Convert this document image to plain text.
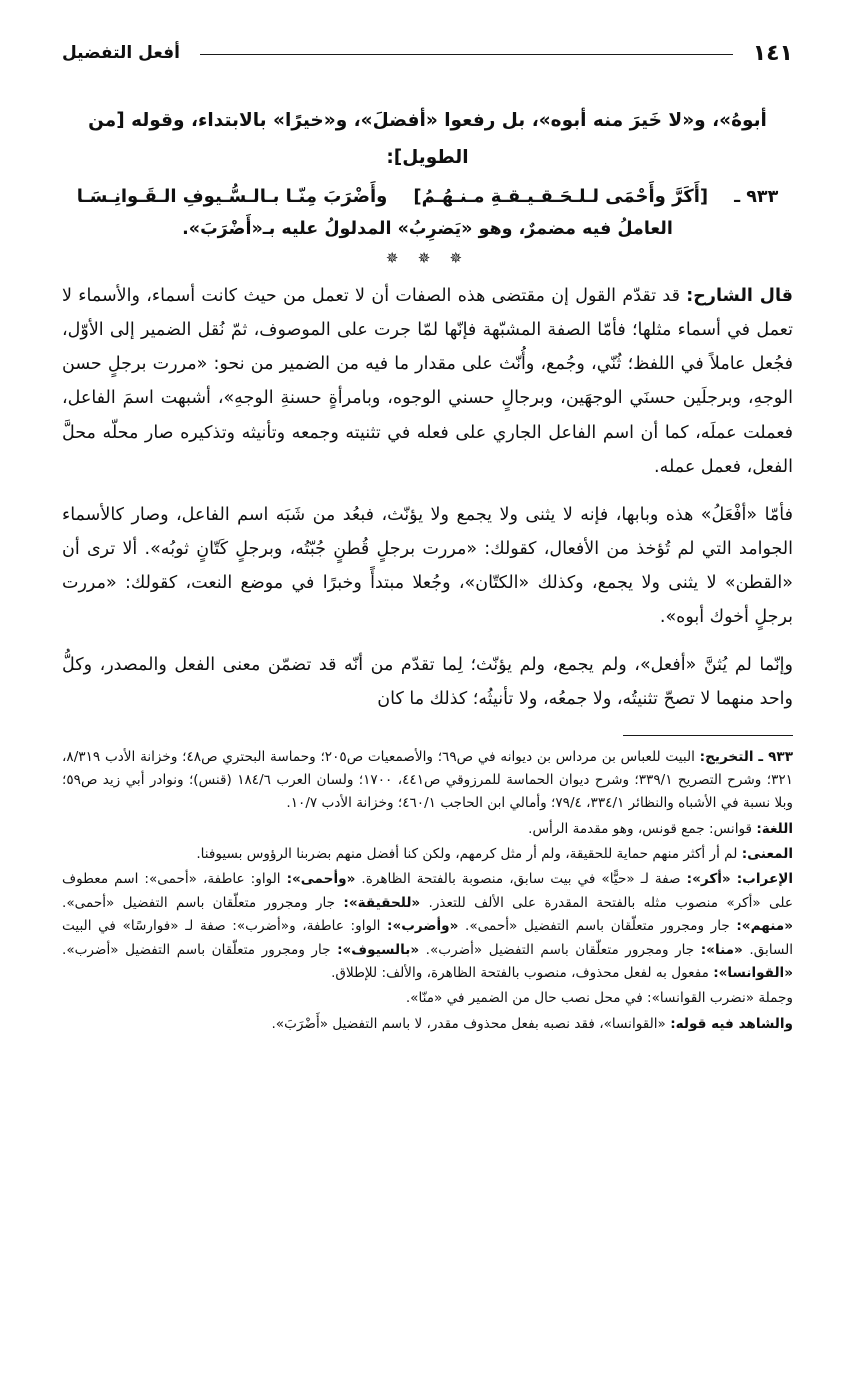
أفعل التفضيل	١٤١
أبوهُ»، و«لا خَيرَ منه أبوه»، بل رفعوا «أفضلَ»، و«خيرًا» بالابتداء، وقوله [من الطويل]:
٩٣٣ ـ
[أَكَرَّ وأَحْمَى لـلـحَـقـيـقـةِ مـنـهُـمُ]
وأَضْرَبَ مِنّـا بـالـسُّـيوفِ الـقَـوانِـسَـا
العاملُ فيه مضمرٌ، وهو «يَضرِبُ» المدلولُ عليه بـ«أَضْرَبَ».
✵ ✵ ✵
قال الشارح: قد تقدّم القول إن مقتضى هذه الصفات أن لا تعمل من حيث كانت أسماء، والأسماء لا تعمل في أسماء مثلها؛ فأمّا الصفة المشبّهة فإنّها لمّا جرت على الموصوف، ثمّ نُقل الضمير إلى الأوّل، فجُعل عاملاً في اللفظ؛ ثُنّي، وجُمع، وأُنّث على مقدار ما فيه من الضمير من نحو: «مررت برجلٍ حسن الوجهِ، وبرجلَين حسنَي الوجهَين، وبرجالٍ حسني الوجوه، وبامرأةٍ حسنةِ الوجهِ»، أشبهت اسمَ الفاعل، فعملت عملَه، كما أن اسم الفاعل الجاري على فعله في تثنيته وجمعه وتأنيثه وتذكيره صار محلّه محلَّ الفعل، فعمل عمله.
فأمّا «أفْعَلُ» هذه وبابها، فإنه لا يثنى ولا يجمع ولا يؤنّث، فبعُد من شَبَه اسم الفاعل، وصار كالأسماء الجوامد التي لم تُؤخذ من الأفعال، كقولك: «مررت برجلٍ قُطنٍ جُبّتُه، وبرجلٍ كَتّانٍ ثوبُه». ألا ترى أن «القطن» لا يثنى ولا يجمع، وكذلك «الكتّان»، وجُعلا مبتدأً وخبرًا في موضع النعت، كقولك: «مررت برجلٍ أخوك أبوه».
وإنّما لم يُثنَّ «أفعل»، ولم يجمع، ولم يؤنّث؛ لِما تقدّم من أنّه قد تضمّن معنى الفعل والمصدر، وكلُّ واحد منهما لا تصحّ تثنيتُه، ولا جمعُه، ولا تأنيثُه؛ كذلك ما كان
٩٣٣ ـ التخريج: البيت للعباس بن مرداس بن ديوانه في ص٦٩؛ والأصمعيات ص٢٠٥؛ وحماسة البحتري ص٤٨؛ وخزانة الأدب ٨/٣١٩، ٣٢١؛ وشرح التصريح ٣٣٩/١؛ وشرح ديوان الحماسة للمرزوقي ص٤٤١، ١٧٠٠؛ ولسان العرب ١٨٤/٦ (قنس)؛ ونوادر أبي زيد ص٥٩؛ وبلا نسبة في الأشباه والنظائر ٣٣٤/١، ٧٩/٤؛ وأمالي ابن الحاجب ٤٦٠/١؛ وخزانة الأدب ١٠/٧.
اللغة: قوانس: جمع قونس، وهو مقدمة الرأس.
المعنى: لم أر أكثر منهم حماية للحقيقة، ولم أر مثل كرمهم، ولكن كنا أفضل منهم بضربنا الرؤوس بسيوفنا.
الإعراب: «أكر»: صفة لـ «حيًّا» في بيت سابق، منصوبة بالفتحة الظاهرة. «وأحمى»: الواو: عاطفة، «أحمى»: اسم معطوف على «أكر» منصوب مثله بالفتحة المقدرة على الألف للتعذر. «للحقيقة»: جار ومجرور متعلّقان باسم التفضيل «أحمى». «منهم»: جار ومجرور متعلّقان باسم التفضيل «أحمى». «وأضرب»: الواو: عاطفة، و«أضرب»: صفة لـ «فوارسًا» في البيت السابق. «منا»: جار ومجرور متعلّقان باسم التفضيل «أضرب». «بالسيوف»: جار ومجرور متعلّقان باسم التفضيل «أضرب». «القوانسا»: مفعول به لفعل محذوف، منصوب بالفتحة الظاهرة، والألف: للإطلاق.
وجملة «نضرب القوانسا»: في محل نصب حال من الضمير في «منّا».
والشاهد فيه قوله: «القوانسا»، فقد نصبه بفعل محذوف مقدر، لا باسم التفضيل «أَضْرَبَ».
